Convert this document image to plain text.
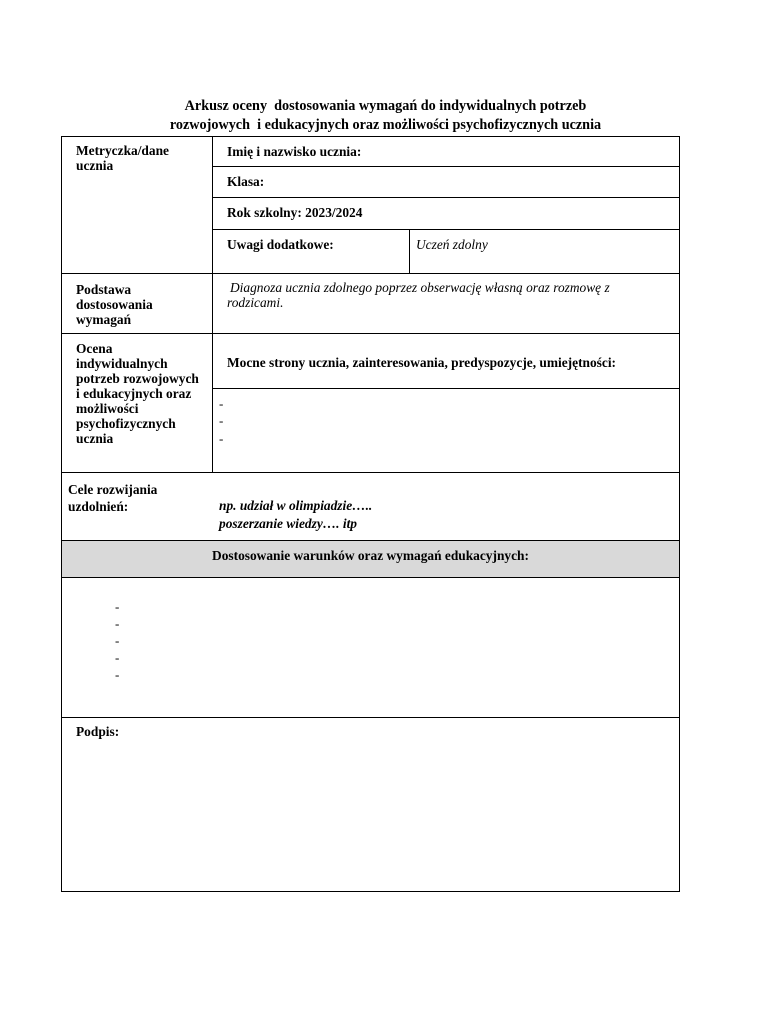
Arkusz oceny  dostosowania wymagań do indywidualnych potrzeb
rozwojowych  i edukacyjnych oraz możliwości psychofizycznych ucznia
Metryczka/dane ucznia
Imię i nazwisko ucznia:
Klasa:
Rok szkolny: 2023/2024
Uwagi dodatkowe:	Uczeń zdolny
Podstawa dostosowania wymagań
Diagnoza ucznia zdolnego poprzez obserwację własną oraz rozmowę z rodzicami.
Ocena indywidualnych potrzeb rozwojowych i edukacyjnych oraz możliwości psychofizycznych ucznia
Mocne strony ucznia, zainteresowania, predyspozycje, umiejętności:
-
-
-
Cele rozwijania uzdolnień:	np. udział w olimpiadzie…..
poszerzanie wiedzy…. itp
Dostosowanie warunków oraz wymagań edukacyjnych:
-
-
-
-
-
Podpis:
